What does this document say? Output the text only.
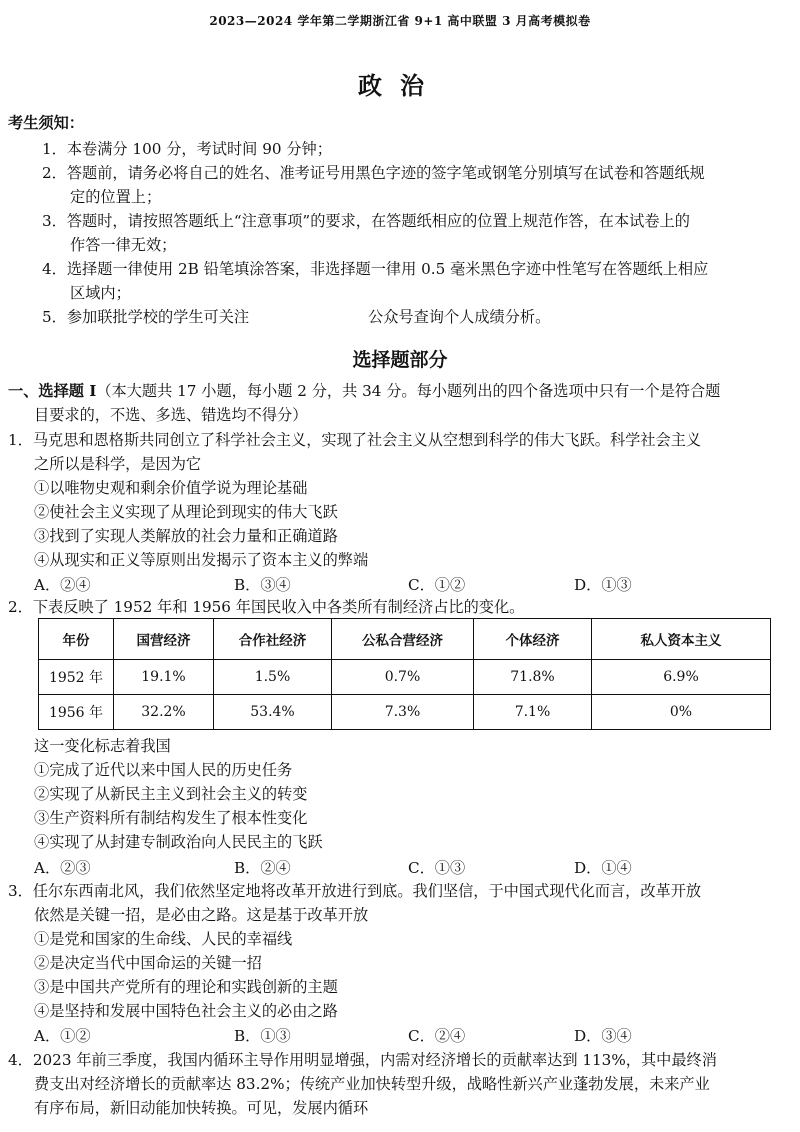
2023—2024 学年第二学期浙江省 9+1 高中联盟 3 月高考模拟卷
政治
考生须知：
1．本卷满分 100 分，考试时间 90 分钟；
2．答题前，请务必将自己的姓名、准考证号用黑色字迹的签字笔或钢笔分别填写在试卷和答题纸规
定的位置上；
3．答题时，请按照答题纸上“注意事项”的要求，在答题纸相应的位置上规范作答，在本试卷上的
作答一律无效；
4．选择题一律使用 2B 铅笔填涂答案，非选择题一律用 0.5 毫米黑色字迹中性笔写在答题纸上相应
区域内；
5．参加联批学校的学生可关注	公众号查询个人成绩分析。
选择题部分
一、选择题 I（本大题共 17 小题，每小题 2 分，共 34 分。每小题列出的四个备选项中只有一个是符合题
目要求的，不选、多选、错选均不得分）
1．马克思和恩格斯共同创立了科学社会主义，实现了社会主义从空想到科学的伟大飞跃。科学社会主义
之所以是科学，是因为它
①以唯物史观和剩余价值学说为理论基础
②使社会主义实现了从理论到现实的伟大飞跃
③找到了实现人类解放的社会力量和正确道路
④从现实和正义等原则出发揭示了资本主义的弊端
A．②④	B．③④	C．①②	D．①③
2．下表反映了 1952 年和 1956 年国民收入中各类所有制经济占比的变化。
年份	国营经济	合作社经济	公私合营经济	个体经济	私人资本主义
1952 年	19.1%	1.5%	0.7%	71.8%	6.9%
1956 年	32.2%	53.4%	7.3%	7.1%	0%
这一变化标志着我国
①完成了近代以来中国人民的历史任务
②实现了从新民主主义到社会主义的转变
③生产资料所有制结构发生了根本性变化
④实现了从封建专制政治向人民民主的飞跃
A．②③	B．②④	C．①③	D．①④
3．任尔东西南北风，我们依然坚定地将改革开放进行到底。我们坚信，于中国式现代化而言，改革开放
依然是关键一招，是必由之路。这是基于改革开放
①是党和国家的生命线、人民的幸福线
②是决定当代中国命运的关键一招
③是中国共产党所有的理论和实践创新的主题
④是坚持和发展中国特色社会主义的必由之路
A．①②	B．①③	C．②④	D．③④
4．2023 年前三季度，我国内循环主导作用明显增强，内需对经济增长的贡献率达到 113%，其中最终消
费支出对经济增长的贡献率达 83.2%；传统产业加快转型升级，战略性新兴产业蓬勃发展，未来产业
有序布局，新旧动能加快转换。可见，发展内循环
